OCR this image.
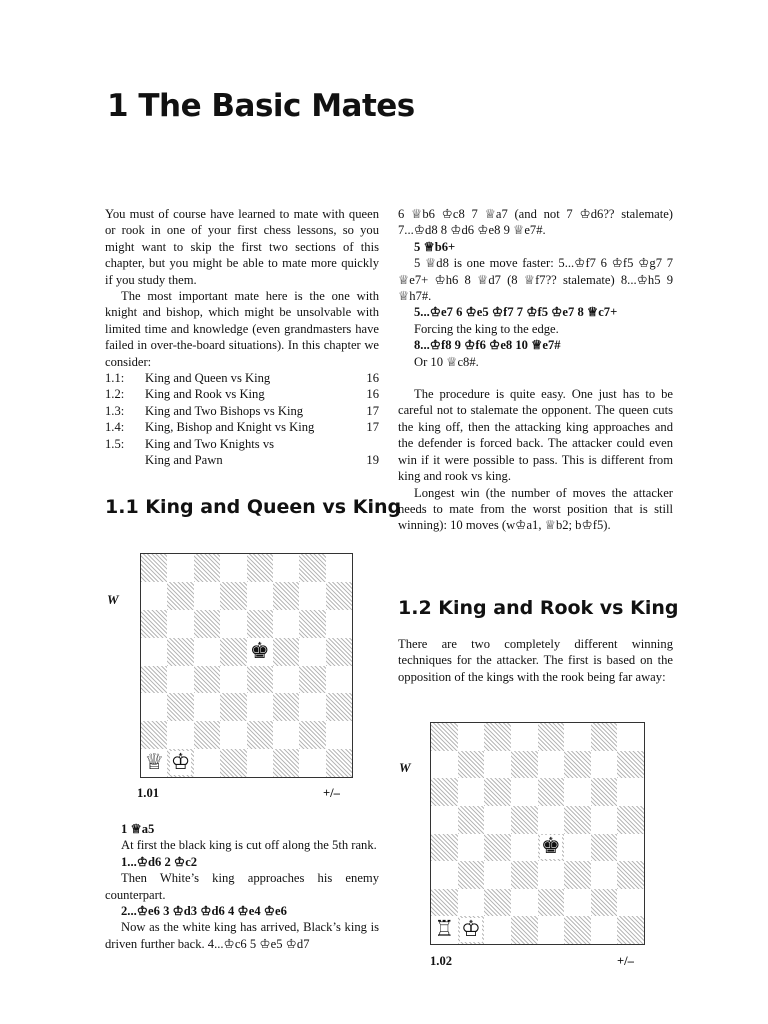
1 The Basic Mates

You must of course have learned to mate with queen or rook in one of your first chess lessons, so you might want to skip the first two sections of this chapter, but you might be able to mate more quickly if you study them.

The most important mate here is the one with knight and bishop, which might be unsolvable with limited time and knowledge (even grandmasters have failed in over-the-board situations). In this chapter we consider:

1.1:	King and Queen vs King	16
1.2:	King and Rook vs King	16
1.3:	King and Two Bishops vs King	17
1.4:	King, Bishop and Knight vs King	17
1.5:	King and Two Knights vs
King and Pawn	19
1.1 King and Queen vs King
W
♚
♕ ♔
1.01	+/–

1 ♕a5

At first the black king is cut off along the 5th rank.

1...♔d6 2 ♔c2

Then White’s king approaches his enemy counterpart.

2...♔e6 3 ♔d3 ♔d6 4 ♔e4 ♔e6

Now as the white king has arrived, Black’s king is driven further back. 4...♔c6 5 ♔e5 ♔d7

6 ♕b6 ♔c8 7 ♕a7 (and not 7 ♔d6?? stalemate) 7...♔d8 8 ♔d6 ♔e8 9 ♕e7#.

5 ♕b6+

5 ♕d8 is one move faster: 5...♔f7 6 ♔f5 ♔g7 7 ♕e7+ ♔h6 8 ♕d7 (8 ♕f7?? stalemate) 8...♔h5 9 ♕h7#.

5...♔e7 6 ♔e5 ♔f7 7 ♔f5 ♔e7 8 ♕c7+

Forcing the king to the edge.

8...♔f8 9 ♔f6 ♔e8 10 ♕e7#

Or 10 ♕c8#.

The procedure is quite easy. One just has to be careful not to stalemate the opponent. The queen cuts the king off, then the attacking king approaches and the defender is forced back. The attacker could even win if it were possible to pass. This is different from king and rook vs king.

Longest win (the number of moves the attacker needs to mate from the worst position that is still winning): 10 moves (w♔a1, ♕b2; b♔f5).

1.2 King and Rook vs King

There are two completely different winning techniques for the attacker. The first is based on the opposition of the kings with the rook being far away:

W
♚
♖ ♔
1.02	+/–
